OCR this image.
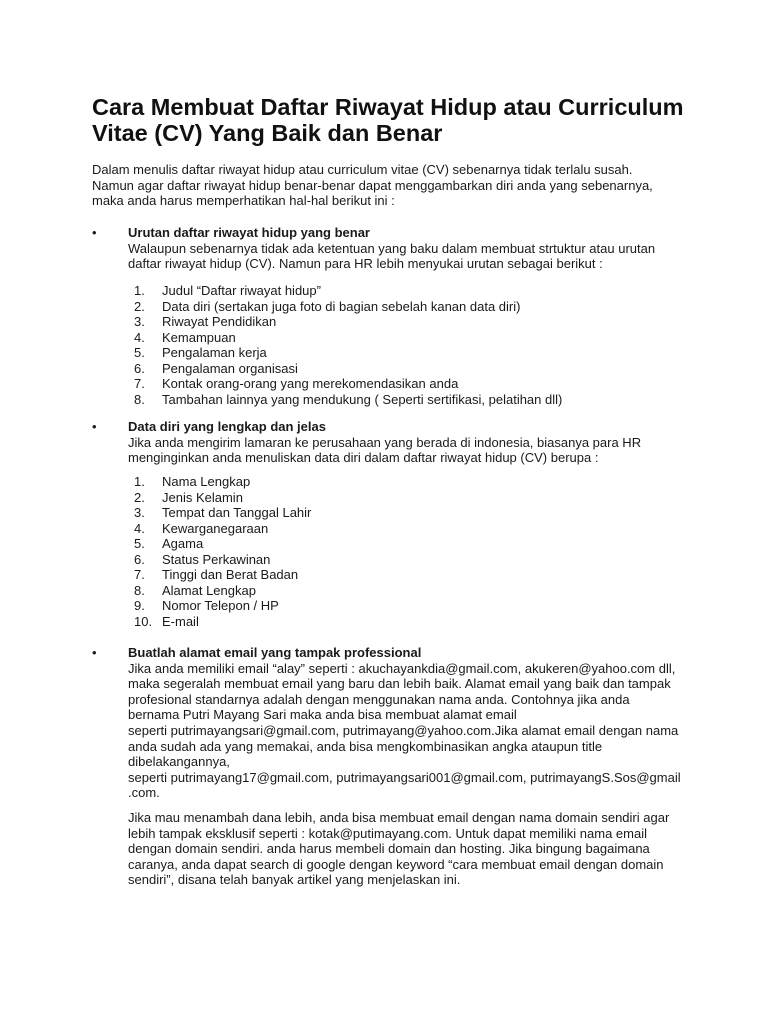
Cara Membuat Daftar Riwayat Hidup atau Curriculum
Vitae (CV) Yang Baik dan Benar
Dalam menulis daftar riwayat hidup atau curriculum vitae (CV) sebenarnya tidak terlalu susah.
Namun agar daftar riwayat hidup benar-benar dapat menggambarkan diri anda yang sebenarnya,
maka anda harus memperhatikan hal-hal berikut ini :
•	Urutan daftar riwayat hidup yang benar
Walaupun sebenarnya tidak ada ketentuan yang baku dalam membuat strtuktur atau urutan
daftar riwayat hidup (CV). Namun para HR lebih menyukai urutan sebagai berikut :
1. Judul “Daftar riwayat hidup”
2. Data diri (sertakan juga foto di bagian sebelah kanan data diri)
3. Riwayat Pendidikan
4. Kemampuan
5. Pengalaman kerja
6. Pengalaman organisasi
7. Kontak orang-orang yang merekomendasikan anda
8. Tambahan lainnya yang mendukung ( Seperti sertifikasi, pelatihan dll)
•	Data diri yang lengkap dan jelas
Jika anda mengirim lamaran ke perusahaan yang berada di indonesia, biasanya para HR
menginginkan anda menuliskan data diri dalam daftar riwayat hidup (CV) berupa :
1. Nama Lengkap
2. Jenis Kelamin
3. Tempat dan Tanggal Lahir
4. Kewarganegaraan
5. Agama
6. Status Perkawinan
7. Tinggi dan Berat Badan
8. Alamat Lengkap
9. Nomor Telepon / HP
10. E-mail
•	Buatlah alamat email yang tampak professional
Jika anda memiliki email “alay” seperti : akuchayankdia@gmail.com, akukeren@yahoo.com dll,
maka segeralah membuat email yang baru dan lebih baik. Alamat email yang baik dan tampak
profesional standarnya adalah dengan menggunakan nama anda. Contohnya jika anda
bernama Putri Mayang Sari maka anda bisa membuat alamat email
seperti putrimayangsari@gmail.com, putrimayang@yahoo.com.Jika alamat email dengan nama
anda sudah ada yang memakai, anda bisa mengkombinasikan angka ataupun title
dibelakangannya,
seperti putrimayang17@gmail.com, putrimayangsari001@gmail.com, putrimayangS.Sos@gmail
.com.
Jika mau menambah dana lebih, anda bisa membuat email dengan nama domain sendiri agar
lebih tampak eksklusif seperti : kotak@putimayang.com. Untuk dapat memiliki nama email
dengan domain sendiri. anda harus membeli domain dan hosting. Jika bingung bagaimana
caranya, anda dapat search di google dengan keyword “cara membuat email dengan domain
sendiri”, disana telah banyak artikel yang menjelaskan ini.
